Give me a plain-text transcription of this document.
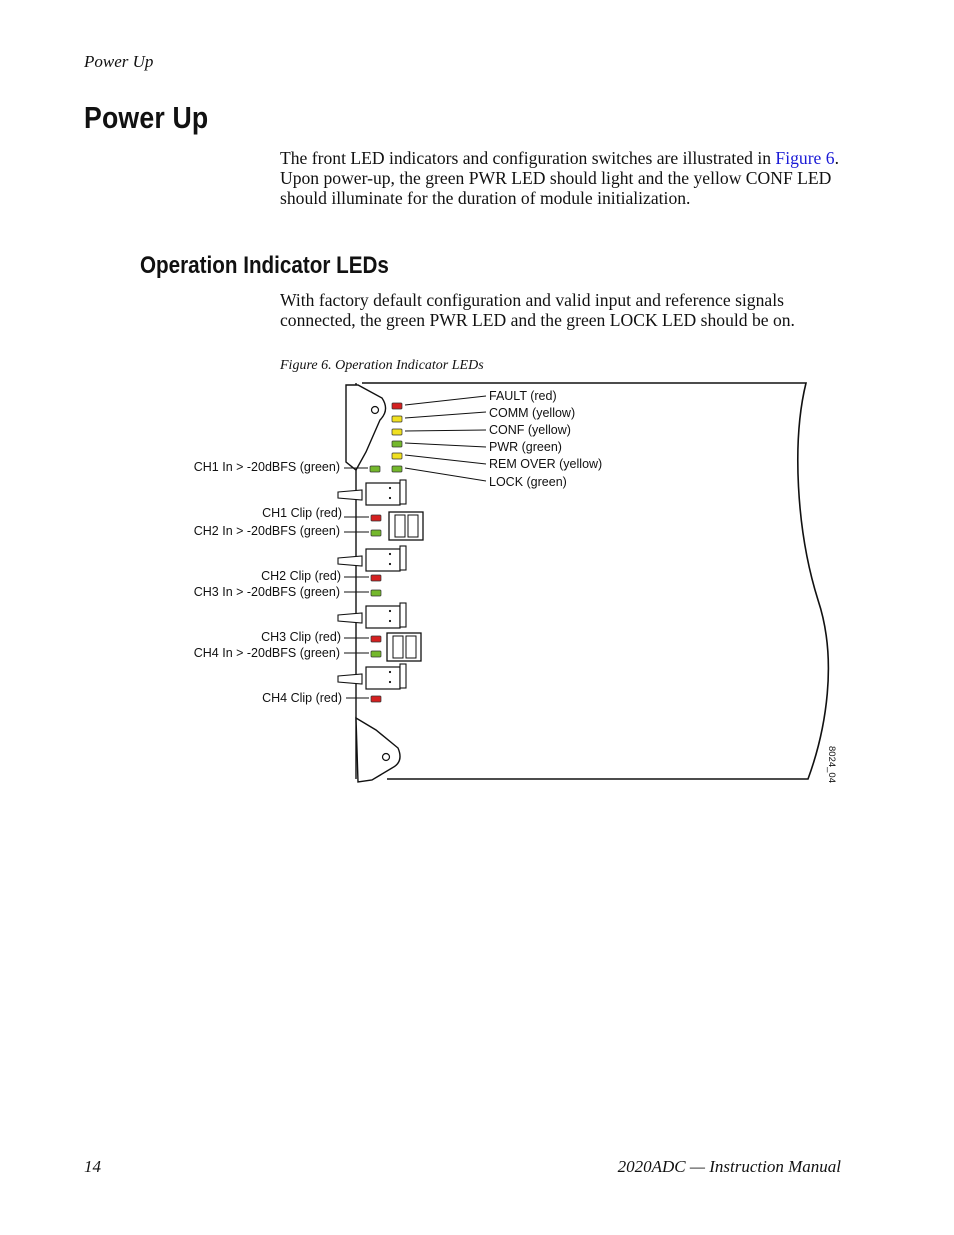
Power Up
Power Up

The front LED indicators and configuration switches are illustrated in Figure 6. Upon power-up, the green PWR LED should light and the yellow CONF LED should illuminate for the duration of module initialization.

Operation Indicator LEDs

With factory default configuration and valid input and reference signals connected, the green PWR LED and the green LOCK LED should be on.

Figure 6. Operation Indicator LEDs
FAULT (red)
COMM (yellow)
CONF (yellow)
PWR (green)
REM OVER (yellow)
LOCK (green)
CH1 In > -20dBFS (green)
CH1 Clip (red)
CH2 In > -20dBFS (green)
CH2 Clip (red)
CH3 In > -20dBFS (green)
CH3 Clip (red)
CH4 In > -20dBFS (green)
CH4 Clip (red)
8024_04
14	2020ADC — Instruction Manual
